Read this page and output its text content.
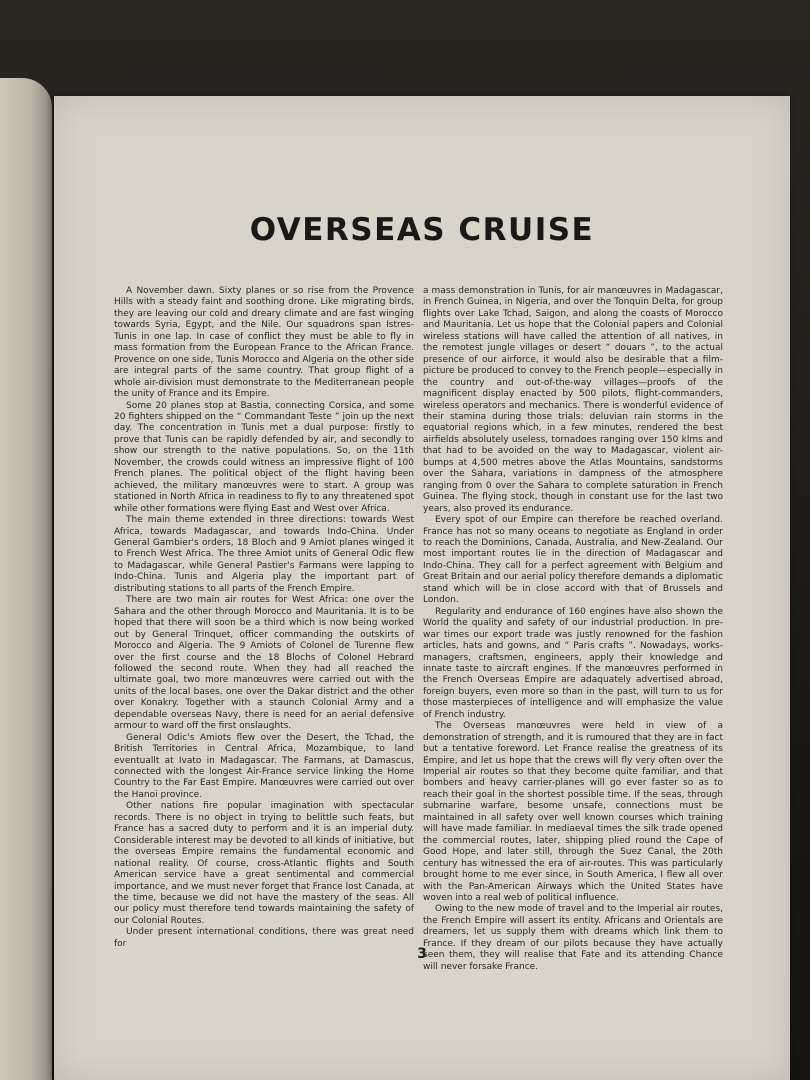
OVERSEAS CRUISE

A November dawn. Sixty planes or so rise from the Provence Hills with a steady faint and soothing drone. Like migrating birds, they are leaving our cold and dreary climate and are fast winging towards Syria, Egypt, and the Nile. Our squadrons span Istres-Tunis in one lap. In case of conflict they must be able to fly in mass formation from the European France to the African France. Provence on one side, Tunis Morocco and Algeria on the other side are integral parts of the same country. That group flight of a whole air-division must demonstrate to the Mediterranean people the unity of France and its Empire.

Some 20 planes stop at Bastia, connecting Corsica, and some 20 fighters shipped on the “ Commandant Teste ” join up the next day. The concentration in Tunis met a dual purpose: firstly to prove that Tunis can be rapidly defended by air, and secondly to show our strength to the native populations. So, on the 11th November, the crowds could witness an impressive flight of 100 French planes. The political object of the flight having been achieved, the military manœuvres were to start. A group was stationed in North Africa in readiness to fly to any threatened spot while other formations were flying East and West over Africa.

The main theme extended in three directions: towards West Africa, towards Madagascar, and towards Indo-China. Under General Gambier's orders, 18 Bloch and 9 Amiot planes winged it to French West Africa. The three Amiot units of General Odic flew to Madagascar, while General Pastier's Farmans were lapping to Indo-China. Tunis and Algeria play the important part of distributing stations to all parts of the French Empire.

There are two main air routes for West Africa: one over the Sahara and the other through Morocco and Mauritania. It is to be hoped that there will soon be a third which is now being worked out by General Trinquet, officer commanding the outskirts of Morocco and Algeria. The 9 Amiots of Colonel de Turenne flew over the first course and the 18 Blochs of Colonel Hebrard followed the second route. When they had all reached the ultimate goal, two more manœuvres were carried out with the units of the local bases, one over the Dakar district and the other over Konakry. Together with a staunch Colonial Army and a dependable overseas Navy, there is need for an aerial defensive armour to ward off the first onslaughts.

General Odic's Amiots flew over the Desert, the Tchad, the British Territories in Central Africa, Mozambique, to land eventuallt at Ivato in Madagascar. The Farmans, at Damascus, connected with the longest Air-France service linking the Home Country to the Far East Empire. Manœuvres were carried out over the Hanoi province.

Other nations fire popular imagination with spectacular records. There is no object in trying to belittle such feats, but France has a sacred duty to perform and it is an imperial duty. Considerable interest may be devoted to all kinds of initiative, but the overseas Empire remains the fundamental economic and national reality. Of course, cross-Atlantic flights and South American service have a great sentimental and commercial importance, and we must never forget that France lost Canada, at the time, because we did not have the mastery of the seas. All our policy must therefore tend towards maintaining the safety of our Colonial Routes.

Under present international conditions, there was great need for

a mass demonstration in Tunis, for air manœuvres in Madagascar, in French Guinea, in Nigeria, and over the Tonquin Delta, for group flights over Lake Tchad, Saigon, and along the coasts of Morocco and Mauritania. Let us hope that the Colonial papers and Colonial wireless stations will have called the attention of all natives, in the remotest jungle villages or desert “ douars ”, to the actual presence of our airforce, it would also be desirable that a film-picture be produced to convey to the French people—especially in the country and out-of-the-way villages—proofs of the magnificent display enacted by 500 pilots, flight-commanders, wireless operators and mechanics. There is wonderful evidence of their stamina during those trials: deluvian rain storms in the equatorial regions which, in a few minutes, rendered the best airfields absolutely useless, tornadoes ranging over 150 klms and that had to be avoided on the way to Madagascar, violent air-bumps at 4,500 metres above the Atlas Mountains, sandstorms over the Sahara, variations in dampness of the atmosphere ranging from 0 over the Sahara to complete saturation in French Guinea. The flying stock, though in constant use for the last two years, also proved its endurance.

Every spot of our Empire can therefore be reached overland. France has not so many oceans to negotiate as England in order to reach the Dominions, Canada, Australia, and New-Zealand. Our most important routes lie in the direction of Madagascar and Indo-China. They call for a perfect agreement with Belgium and Great Britain and our aerial policy therefore demands a diplomatic stand which will be in close accord with that of Brussels and London.

Regularity and endurance of 160 engines have also shown the World the quality and safety of our industrial production. In pre-war times our export trade was justly renowned for the fashion articles, hats and gowns, and “ Paris crafts ”. Nowadays, works-managers, craftsmen, engineers, apply their knowledge and innate taste to aircraft engines. If the manœuvres performed in the French Overseas Empire are adaquately advertised abroad, foreign buyers, even more so than in the past, will turn to us for those masterpieces of intelligence and will emphasize the value of French industry.

The Overseas manœuvres were held in view of a demonstration of strength, and it is rumoured that they are in fact but a tentative foreword. Let France realise the greatness of its Empire, and let us hope that the crews will fly very often over the Imperial air routes so that they become quite familiar, and that bombers and heavy carrier-planes will go ever faster so as to reach their goal in the shortest possible time. If the seas, through submarine warfare, besome unsafe, connections must be maintained in all safety over well known courses which training will have made familiar. In mediaeval times the silk trade opened the commercial routes, later, shipping plied round the Cape of Good Hope, and later still, through the Suez Canal, the 20th century has witnessed the era of air-routes. This was particularly brought home to me ever since, in South America, I flew all over with the Pan-American Airways which the United States have woven into a real web of political influence.

Owing to the new mode of travel and to the Imperial air routes, the French Empire will assert its entity. Africans and Orientals are dreamers, let us supply them with dreams which link them to France. If they dream of our pilots because they have actually seen them, they will realise that Fate and its attending Chance will never forsake France.

3
